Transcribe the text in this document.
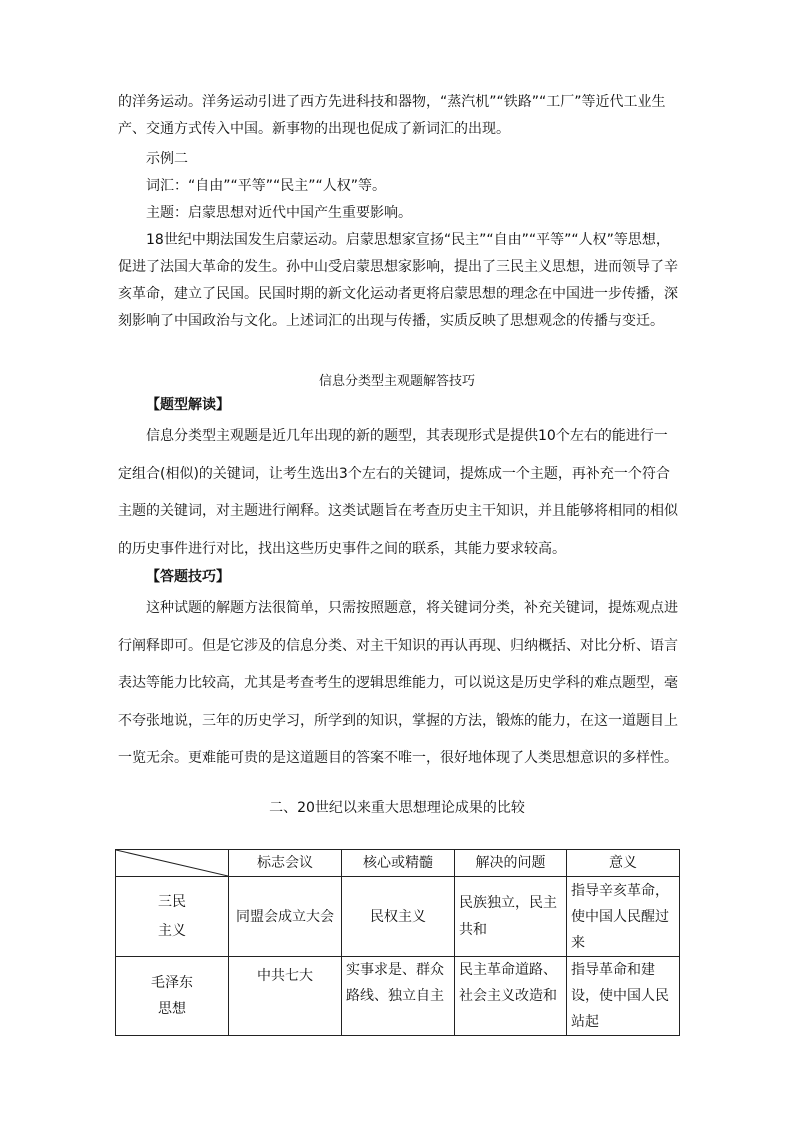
的洋务运动。洋务运动引进了西方先进科技和器物，“蒸汽机”“铁路”“工厂”等近代工业生产、交通方式传入中国。新事物的出现也促成了新词汇的出现。

示例二

词汇：“自由”“平等”“民主”“人权”等。

主题：启蒙思想对近代中国产生重要影响。

18世纪中期法国发生启蒙运动。启蒙思想家宣扬“民主”“自由”“平等”“人权”等思想，促进了法国大革命的发生。孙中山受启蒙思想家影响，提出了三民主义思想，进而领导了辛亥革命，建立了民国。民国时期的新文化运动者更将启蒙思想的理念在中国进一步传播，深刻影响了中国政治与文化。上述词汇的出现与传播，实质反映了思想观念的传播与变迁。

信息分类型主观题解答技巧

【题型解读】

信息分类型主观题是近几年出现的新的题型，其表现形式是提供10个左右的能进行一定组合(相似)的关键词，让考生选出3个左右的关键词，提炼成一个主题，再补充一个符合主题的关键词，对主题进行阐释。这类试题旨在考查历史主干知识，并且能够将相同的相似的历史事件进行对比，找出这些历史事件之间的联系，其能力要求较高。

【答题技巧】

这种试题的解题方法很简单，只需按照题意，将关键词分类，补充关键词，提炼观点进行阐释即可。但是它涉及的信息分类、对主干知识的再认再现、归纳概括、对比分析、语言表达等能力比较高，尤其是考查考生的逻辑思维能力，可以说这是历史学科的难点题型，毫不夸张地说，三年的历史学习，所学到的知识，掌握的方法，锻炼的能力，在这一道题目上一览无余。更难能可贵的是这道题目的答案不唯一，很好地体现了人类思想意识的多样性。

二、20世纪以来重大思想理论成果的比较
	标志会议	核心或精髓	解决的问题	意义

三民
主义	同盟会成立大会	民权主义	民族独立，民主共和	指导辛亥革命，使中国人民醒过来

毛泽东
思想	中共七大	实事求是、群众路线、独立自主	民主革命道路、社会主义改造和	指导革命和建设，使中国人民站起
